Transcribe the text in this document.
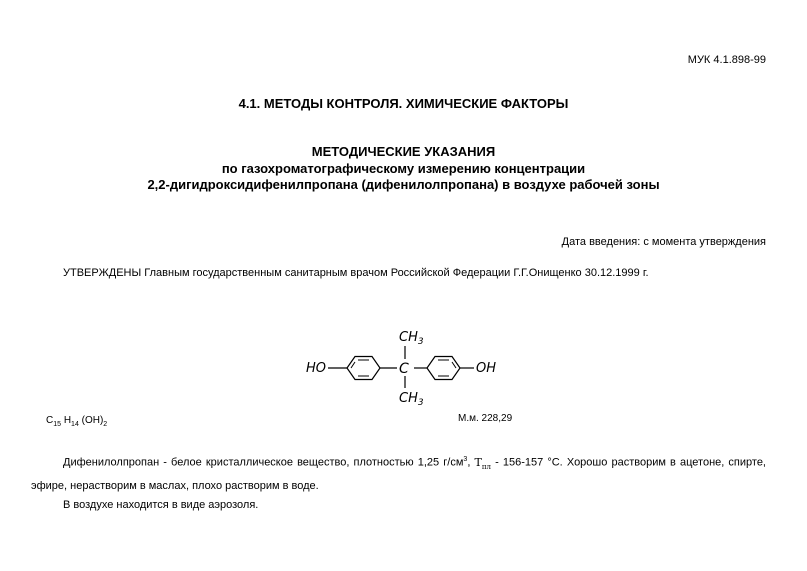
МУК 4.1.898-99
4.1. МЕТОДЫ КОНТРОЛЯ. ХИМИЧЕСКИЕ ФАКТОРЫ
МЕТОДИЧЕСКИЕ УКАЗАНИЯ
по газохроматографическому измерению концентрации
2,2-дигидроксидифенилпропана (дифенилолпропана) в воздухе рабочей зоны
Дата введения: с момента утверждения
УТВЕРЖДЕНЫ Главным государственным санитарным врачом Российской Федерации Г.Г.Онищенко 30.12.1999 г.
HO	C
$CH_3$
$CH_3$
OH
$C_{15}$ $H_{14}$ $(OH)_2$
М.м. 228,29
Дифенилолпропан - белое кристаллическое вещество, плотностью 1,25 $г/см^3$, $T_{пл} - 156-157$ °С. Хорошо растворим в ацетоне, спирте,
эфире, нерастворим в маслах, плохо растворим в воде.
В воздухе находится в виде аэрозоля.
